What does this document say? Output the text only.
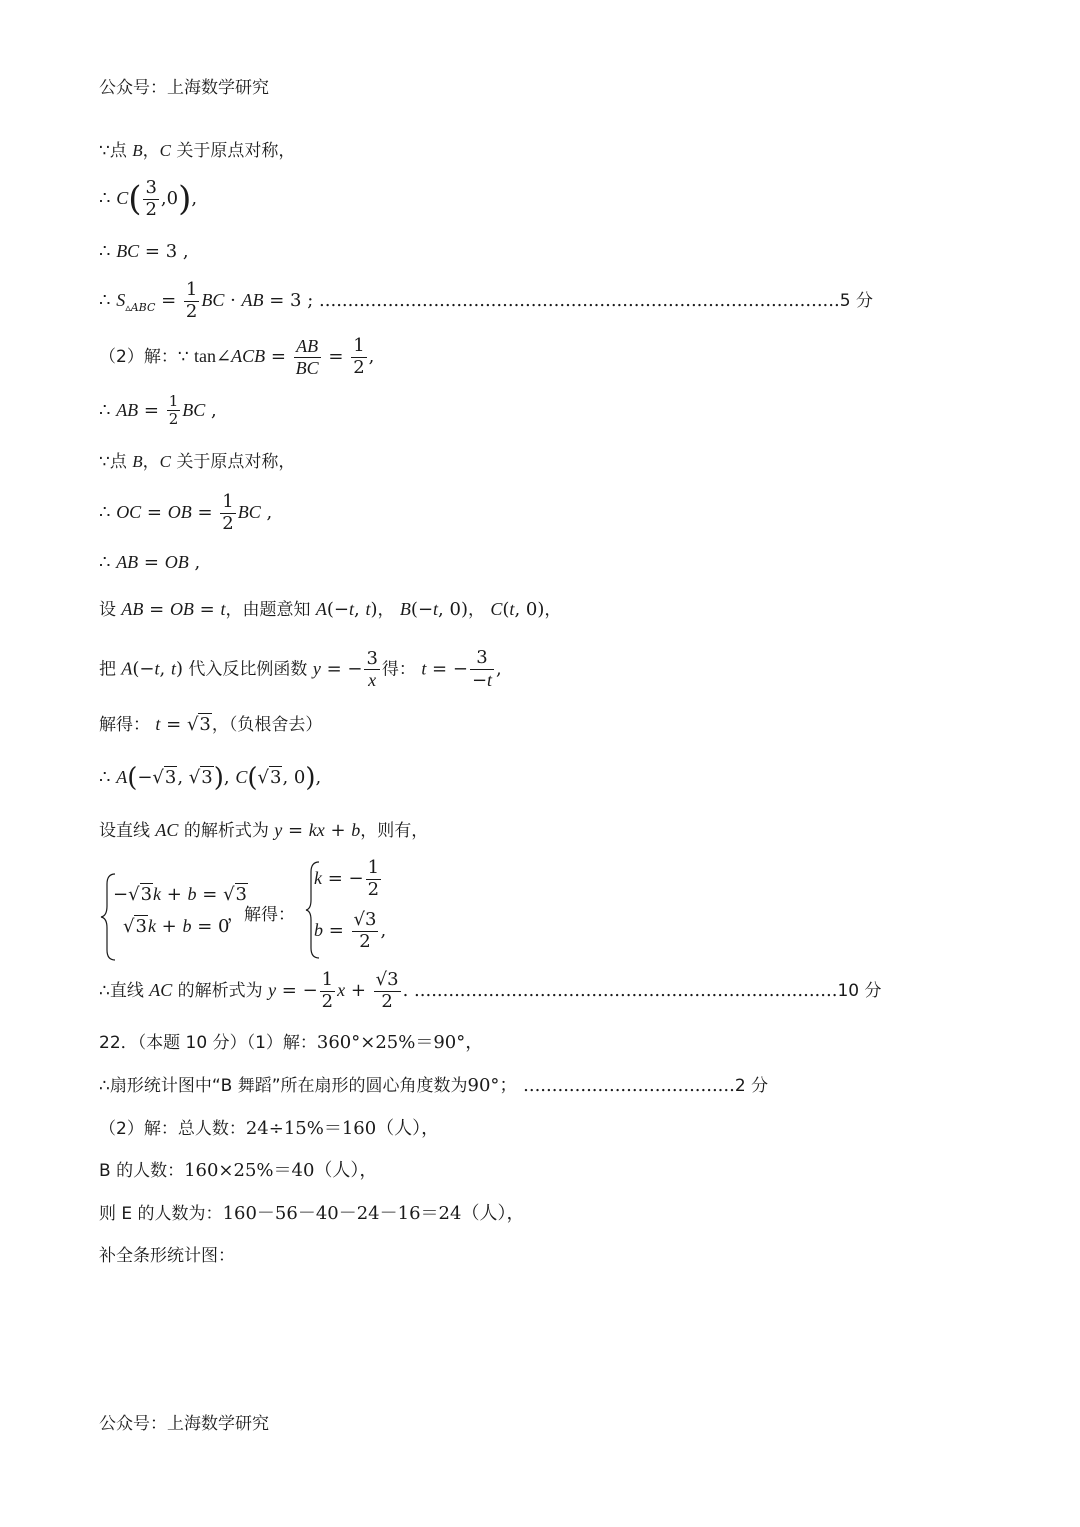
公众号：上海数学研究
∵点 B，C 关于原点对称，
∴ $C( \frac{3}{2} ,0)$,
∴ BC = 3 ,
∴ $S_{▵ABC} = \frac{1}{2}$ BC · AB = 3 ; ...........................................................................................5 分
（2）解：∵ tan∠ACB = $\frac{AB}{BC} = \frac{1}{2}$ ,
∴ AB = $\frac{1}{2}$ BC ,
∵点 B，C 关于原点对称，
∴ OC = OB = $\frac{1}{2}$ BC ,
∴ AB = OB ,
设 AB = OB = t，由题意知 A(−t, t)， B(−t, 0)， C(t, 0)，
把 A(−t, t) 代入反比例函数 y = − $\frac{3}{x}$ 得： t = − $\frac{3}{-t}$ ,
解得： t = √3，（负根舍去）
∴ A(−√3, √3), C(√3, 0),
设直线 AC 的解析式为 y = kx + b，则有，
−√3k + b = √3
√3k + b = 0
，解得：
k = − $\frac{1}{2}$
$b = \frac{√3}{2}$ ,
∴直线 AC 的解析式为 y = − $\frac{1}{2}$ $x + \frac{√3}{2}$ . ..........................................................................10 分
22．（本题 10 分）（1）解：360°×25%＝90°，
∴扇形统计图中“B 舞蹈”所在扇形的圆心角度数为90°； .....................................2 分
（2）解：总人数：24÷15%＝160（人），
B 的人数：160×25%＝40（人），
则 E 的人数为：160－56－40－24－16＝24（人），
补全条形统计图：
公众号：上海数学研究
